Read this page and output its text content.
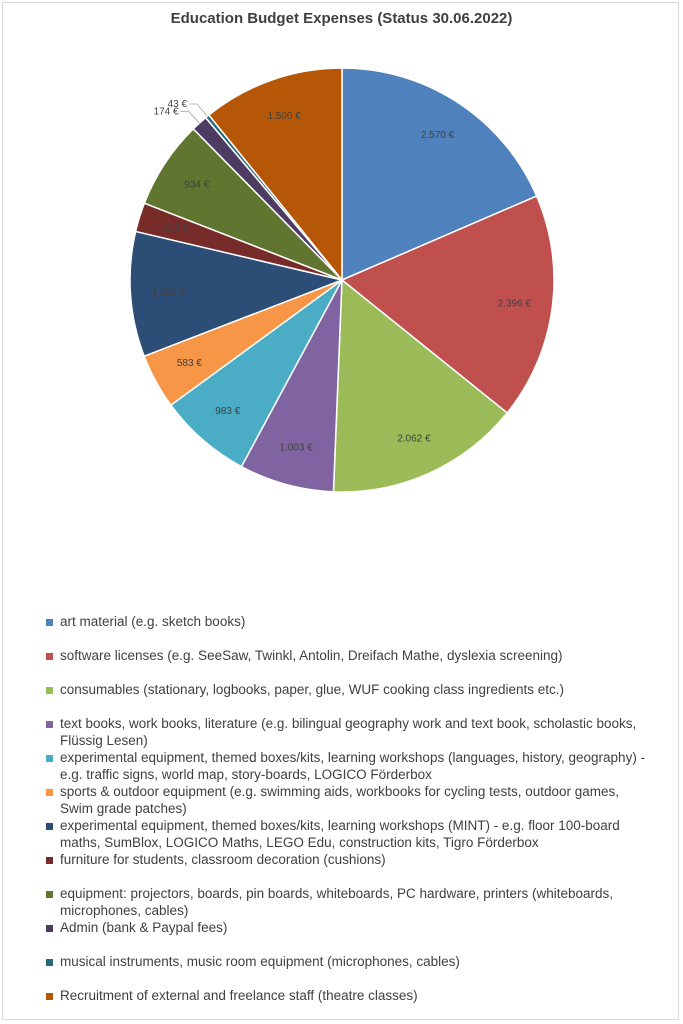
Education Budget Expenses (Status 30.06.2022)
2.570 €
2.396 €
2.062 €
1.003 €
983 €
583 €
1.322 €
308 €
934 €
174 €
43 €
1.500 €
art material (e.g. sketch books)
software licenses (e.g. SeeSaw, Twinkl, Antolin, Dreifach Mathe, dyslexia screening)
consumables (stationary, logbooks, paper, glue, WUF cooking class ingredients etc.)
text books, work books, literature (e.g. bilingual geography work and text book, scholastic books, Flüssig Lesen)
experimental equipment, themed boxes/kits, learning workshops (languages, history, geography) - e.g. traffic signs, world map, story-boards, LOGICO Förderbox
sports & outdoor equipment (e.g. swimming aids, workbooks for cycling tests, outdoor games, Swim grade patches)
experimental equipment, themed boxes/kits, learning workshops (MINT) - e.g. floor 100-board maths, SumBlox, LOGICO Maths, LEGO Edu, construction kits, Tigro Förderbox
furniture for students, classroom decoration (cushions)
equipment: projectors, boards, pin boards, whiteboards, PC hardware, printers (whiteboards, microphones, cables)
Admin (bank & Paypal fees)
musical instruments, music room equipment (microphones, cables)
Recruitment of external and freelance staff (theatre classes)
